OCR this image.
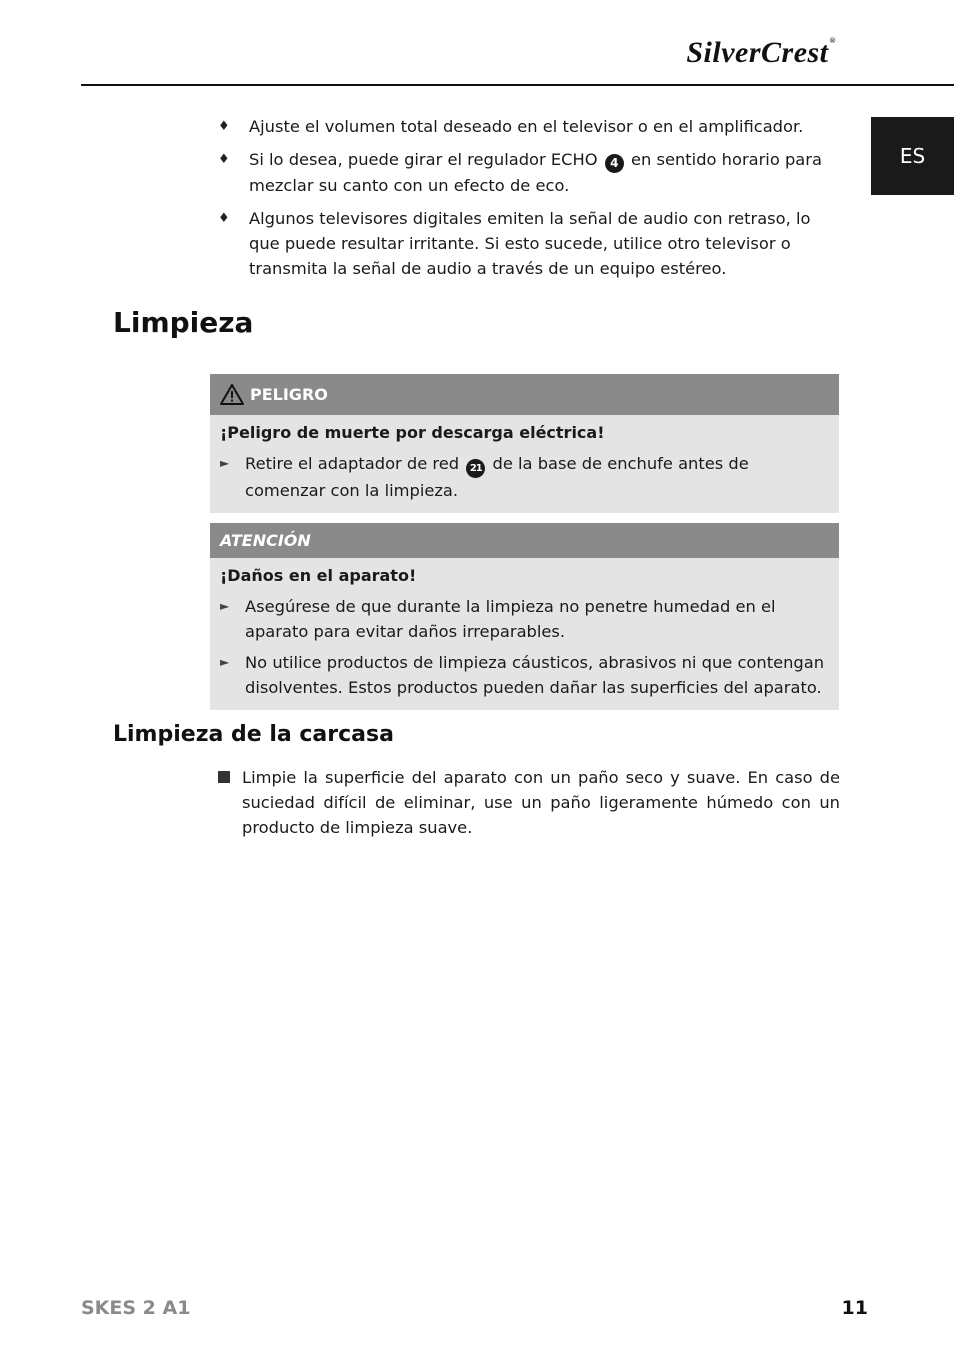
SilverCrest®
ES
♦	Ajuste el volumen total deseado en el televisor o en el amplificador.
♦	Si lo desea, puede girar el regulador ECHO 4 en sentido horario para mezclar su canto con un efecto de eco.
♦	Algunos televisores digitales emiten la señal de audio con retraso, lo que puede resultar irritante. Si esto sucede, utilice otro televisor o transmita la señal de audio a través de un equipo estéreo.
Limpieza
PELIGRO
¡Peligro de muerte por descarga eléctrica!
► Retire el adaptador de red 21 de la base de enchufe antes de comenzar con la limpieza.
ATENCIÓN
¡Daños en el aparato!
► Asegúrese de que durante la limpieza no penetre humedad en el aparato para evitar daños irreparables.
► No utilice productos de limpieza cáusticos, abrasivos ni que contengan disolventes. Estos productos pueden dañar las superficies del aparato.
Limpieza de la carcasa
Limpie la superficie del aparato con un paño seco y suave. En caso de suciedad difícil de eliminar, use un paño ligeramente húmedo con un producto de limpieza suave.
SKES 2 A1	11
